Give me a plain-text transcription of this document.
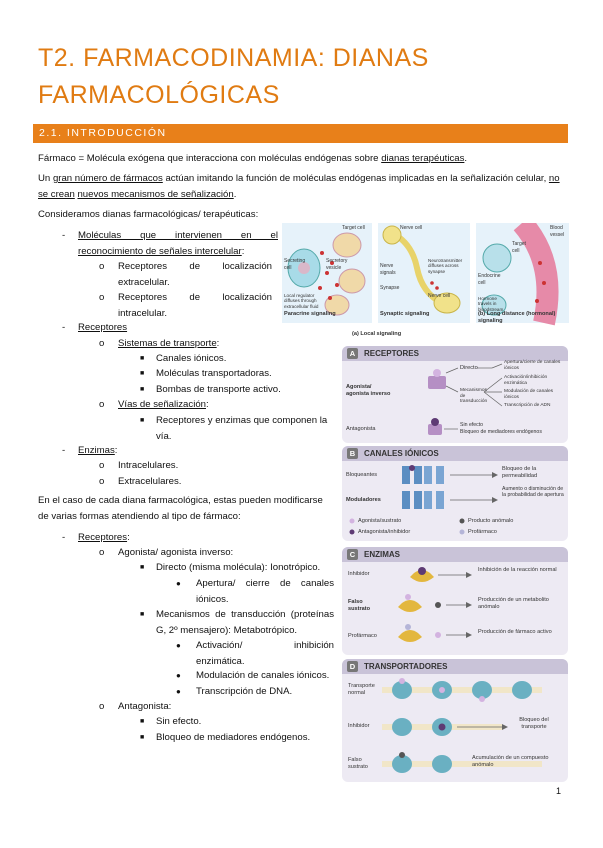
T2. FARMACODINAMIA: DIANAS FARMACOLÓGICAS
2.1. INTRODUCCIÓN
Fármaco = Molécula exógena que interacciona con moléculas endógenas sobre dianas terapéuticas.
Un gran número de fármacos actúan imitando la función de moléculas endógenas implicadas en la señalización celular, no se crean nuevos mecanismos de señalización.
Consideramos dianas farmacológicas/ terapéuticas:
- Moléculas que intervienen en el
reconocimiento de señales intercelular:
o Receptores de localización extracelular.
o Receptores de localización intracelular.
- Receptores
o Sistemas de transporte:
■ Canales iónicos.
■ Moléculas transportadoras.
■ Bombas de transporte activo.
o Vías de señalización:
■ Receptores y enzimas que componen la vía.
- Enzimas:
o Intracelulares.
o Extracelulares.
En el caso de cada diana farmacológica, estas pueden modificarse de varias formas atendiendo al tipo de fármaco:
- Receptores:
o Agonista/ agonista inverso:
■ Directo (misma molécula): Ionotrópico.
● Apertura/ cierre de canales iónicos.
■ Mecanismos de transducción (proteínas G, 2º mensajero): Metabotrópico.
● Activación/ inhibición enzimática.
● Modulación de canales iónicos.
● Transcripción de DNA.
o Antagonista:
■ Sin efecto.
■ Bloqueo de mediadores endógenos.
Target cell
Secreting cell
Secretory vesicle
Local regulator diffuses through extracellular fluid
Nerve cell
Nerve signals
Neurotransmitter diffuses across synapse
Synapse
Nerve cell
Blood vessel
Endocrine cell
Hormone travels in bloodstream
Target cell
Paracrine signaling	Synaptic signaling	(b) Long distance (hormonal) signaling
(a) Local signaling
A	RECEPTORES
Agonista/ agonista inverso
Directo
Mecanismos de transducción
Apertura/cierre de canales iónicos
Activación/inhibición enzimática
Modulación de canales iónicos
Transcripción de ADN
Antagonista
Sin efecto
Bloqueo de mediadores endógenos
B	CANALES IÓNICOS
Bloqueantes
Bloqueo de la permeabilidad
Moduladores
Aumento o disminución de la probabilidad de apertura
Agonista/sustrato	Producto anómalo
Antagonista/inhibidor	Profármaco
C	ENZIMAS
Inhibidor
Inhibición de la reacción normal
Falso sustrato
Producción de un metabolito anómalo
Profármaco
Producción de fármaco activo
D	TRANSPORTADORES
Transporte normal
Inhibidor
Bloqueo del transporte
Falso sustrato
Acumulación de un compuesto anómalo
1
